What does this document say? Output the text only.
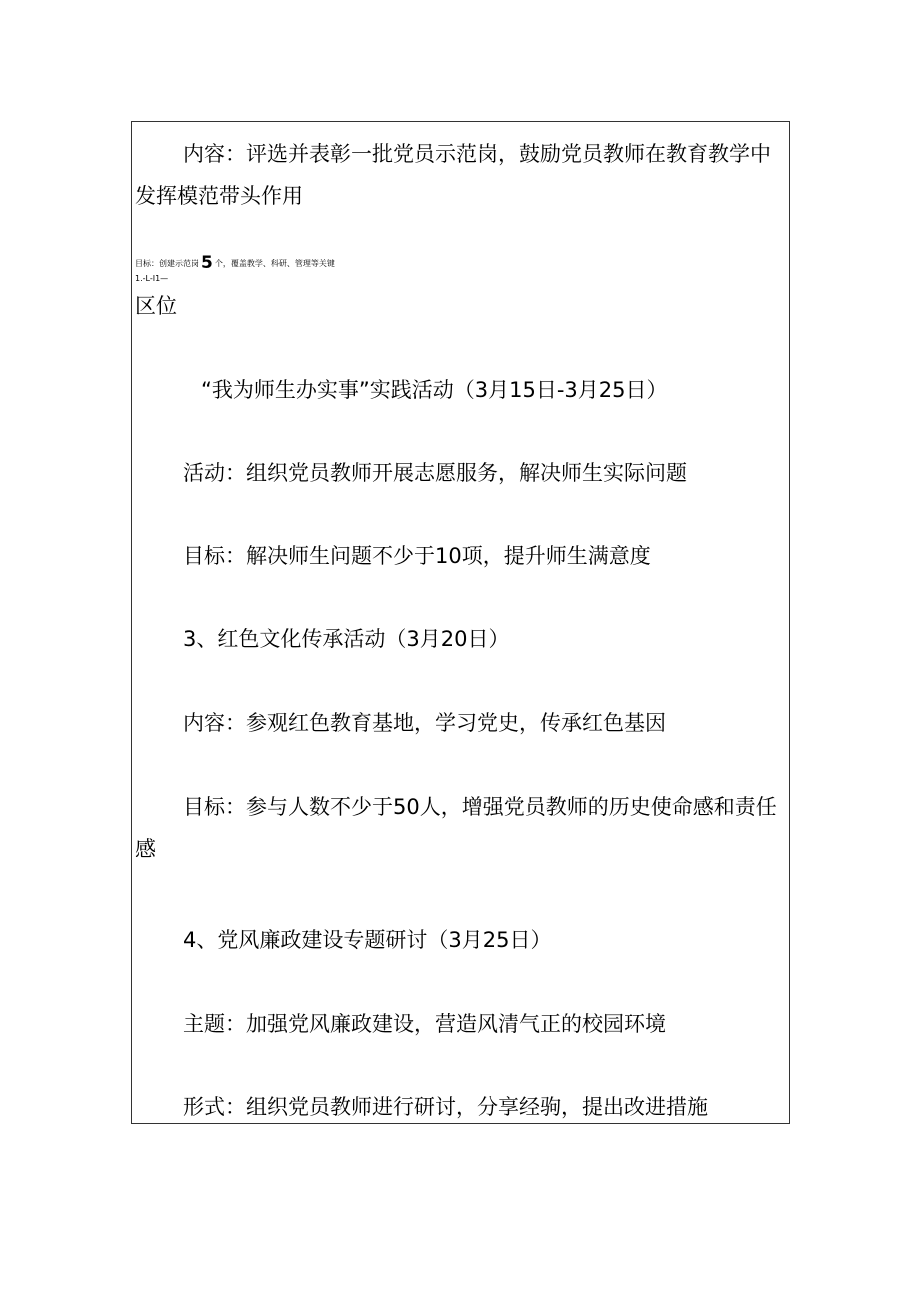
内容：评选并表彰一批党员示范岗，鼓励党员教师在教育教学中发挥模范带头作用

目标：创建示范岗 5 个，覆盖教学、科研、管理等关键
1.-L-I1—

区位

“我为师生办实事”实践活动（3月15日-3月25日）

活动：组织党员教师开展志愿服务，解决师生实际问题

目标：解决师生问题不少于10项，提升师生满意度

3、红色文化传承活动（3月20日）

内容：参观红色教育基地，学习党史，传承红色基因

目标：参与人数不少于50人，增强党员教师的历史使命感和责任感

4、党风廉政建设专题研讨（3月25日）

主题：加强党风廉政建设，营造风清气正的校园环境

形式：组织党员教师进行研讨，分享经驹，提出改进措施
